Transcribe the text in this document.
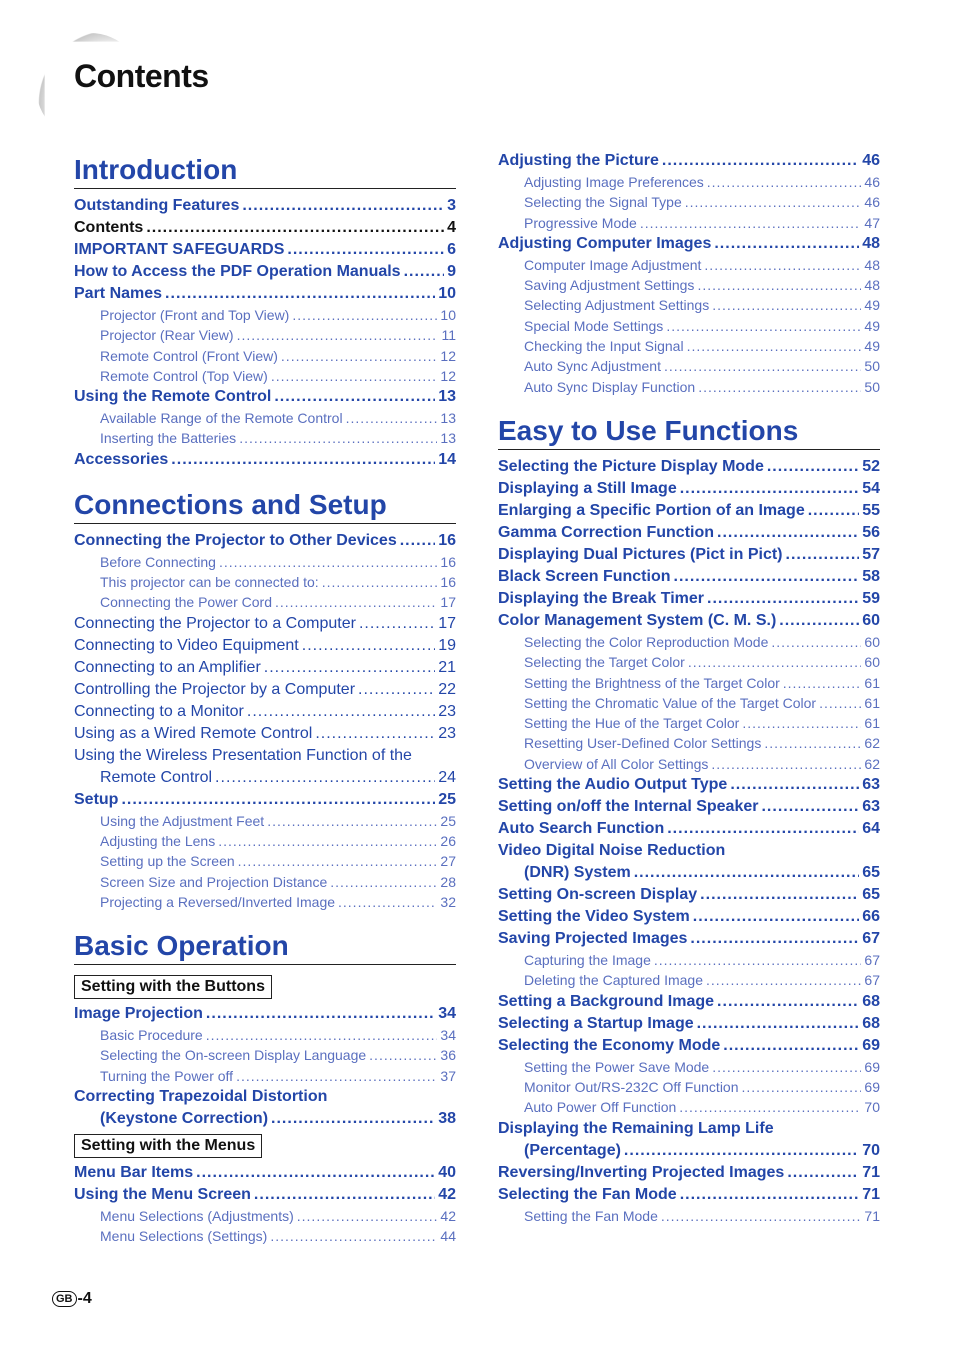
Contents
Introduction
Outstanding Features .....	3
Contents .....	4
IMPORTANT SAFEGUARDS .....	6
How to Access the PDF Operation Manuals .....	9
Part Names .....	10
Projector (Front and Top View) .....	10
Projector (Rear View) .....	11
Remote Control (Front View) .....	12
Remote Control (Top View) .....	12
Using the Remote Control .....	13
Available Range of the Remote Control .....	13
Inserting the Batteries .....	13
Accessories .....	14
Connections and Setup
Connecting the Projector to Other Devices .....	16
Before Connecting .....	16
This projector can be connected to: .....	16
Connecting the Power Cord .....	17
Connecting the Projector to a Computer .....	17
Connecting to Video Equipment .....	19
Connecting to an Amplifier .....	21
Controlling the Projector by a Computer .....	22
Connecting to a Monitor .....	23
Using as a Wired Remote Control .....	23
Using the Wireless Presentation Function of the
Remote Control .....	24
Setup .....	25
Using the Adjustment Feet .....	25
Adjusting the Lens .....	26
Setting up the Screen .....	27
Screen Size and Projection Distance .....	28
Projecting a Reversed/Inverted Image .....	32
Basic Operation
Setting with the Buttons
Image Projection .....	34
Basic Procedure .....	34
Selecting the On-screen Display Language .....	36
Turning the Power off .....	37
Correcting Trapezoidal Distortion
(Keystone Correction) .....	38
Setting with the Menus
Menu Bar Items .....	40
Using the Menu Screen .....	42
Menu Selections (Adjustments) .....	42
Menu Selections (Settings) .....	44
Adjusting the Picture .....	46
Adjusting Image Preferences .....	46
Selecting the Signal Type .....	46
Progressive Mode .....	47
Adjusting Computer Images .....	48
Computer Image Adjustment .....	48
Saving Adjustment Settings .....	48
Selecting Adjustment Settings .....	49
Special Mode Settings .....	49
Checking the Input Signal .....	49
Auto Sync Adjustment .....	50
Auto Sync Display Function .....	50
Easy to Use Functions
Selecting the Picture Display Mode .....	52
Displaying a Still Image .....	54
Enlarging a Specific Portion of an Image .....	55
Gamma Correction Function .....	56
Displaying Dual Pictures (Pict in Pict) .....	57
Black Screen Function .....	58
Displaying the Break Timer .....	59
Color Management System (C. M. S.) .....	60
Selecting the Color Reproduction Mode .....	60
Selecting the Target Color .....	60
Setting the Brightness of the Target Color .....	61
Setting the Chromatic Value of the Target Color .....	61
Setting the Hue of the Target Color .....	61
Resetting User-Defined Color Settings .....	62
Overview of All Color Settings .....	62
Setting the Audio Output Type .....	63
Setting on/off the Internal Speaker .....	63
Auto Search Function .....	64
Video Digital Noise Reduction
(DNR) System .....	65
Setting On-screen Display .....	65
Setting the Video System .....	66
Saving Projected Images .....	67
Capturing the Image .....	67
Deleting the Captured Image .....	67
Setting a Background Image .....	68
Selecting a Startup Image .....	68
Selecting the Economy Mode .....	69
Setting the Power Save Mode .....	69
Monitor Out/RS-232C Off Function .....	69
Auto Power Off Function .....	70
Displaying the Remaining Lamp Life
(Percentage) .....	70
Reversing/Inverting Projected Images .....	71
Selecting the Fan Mode .....	71
Setting the Fan Mode .....	71
GB -4
